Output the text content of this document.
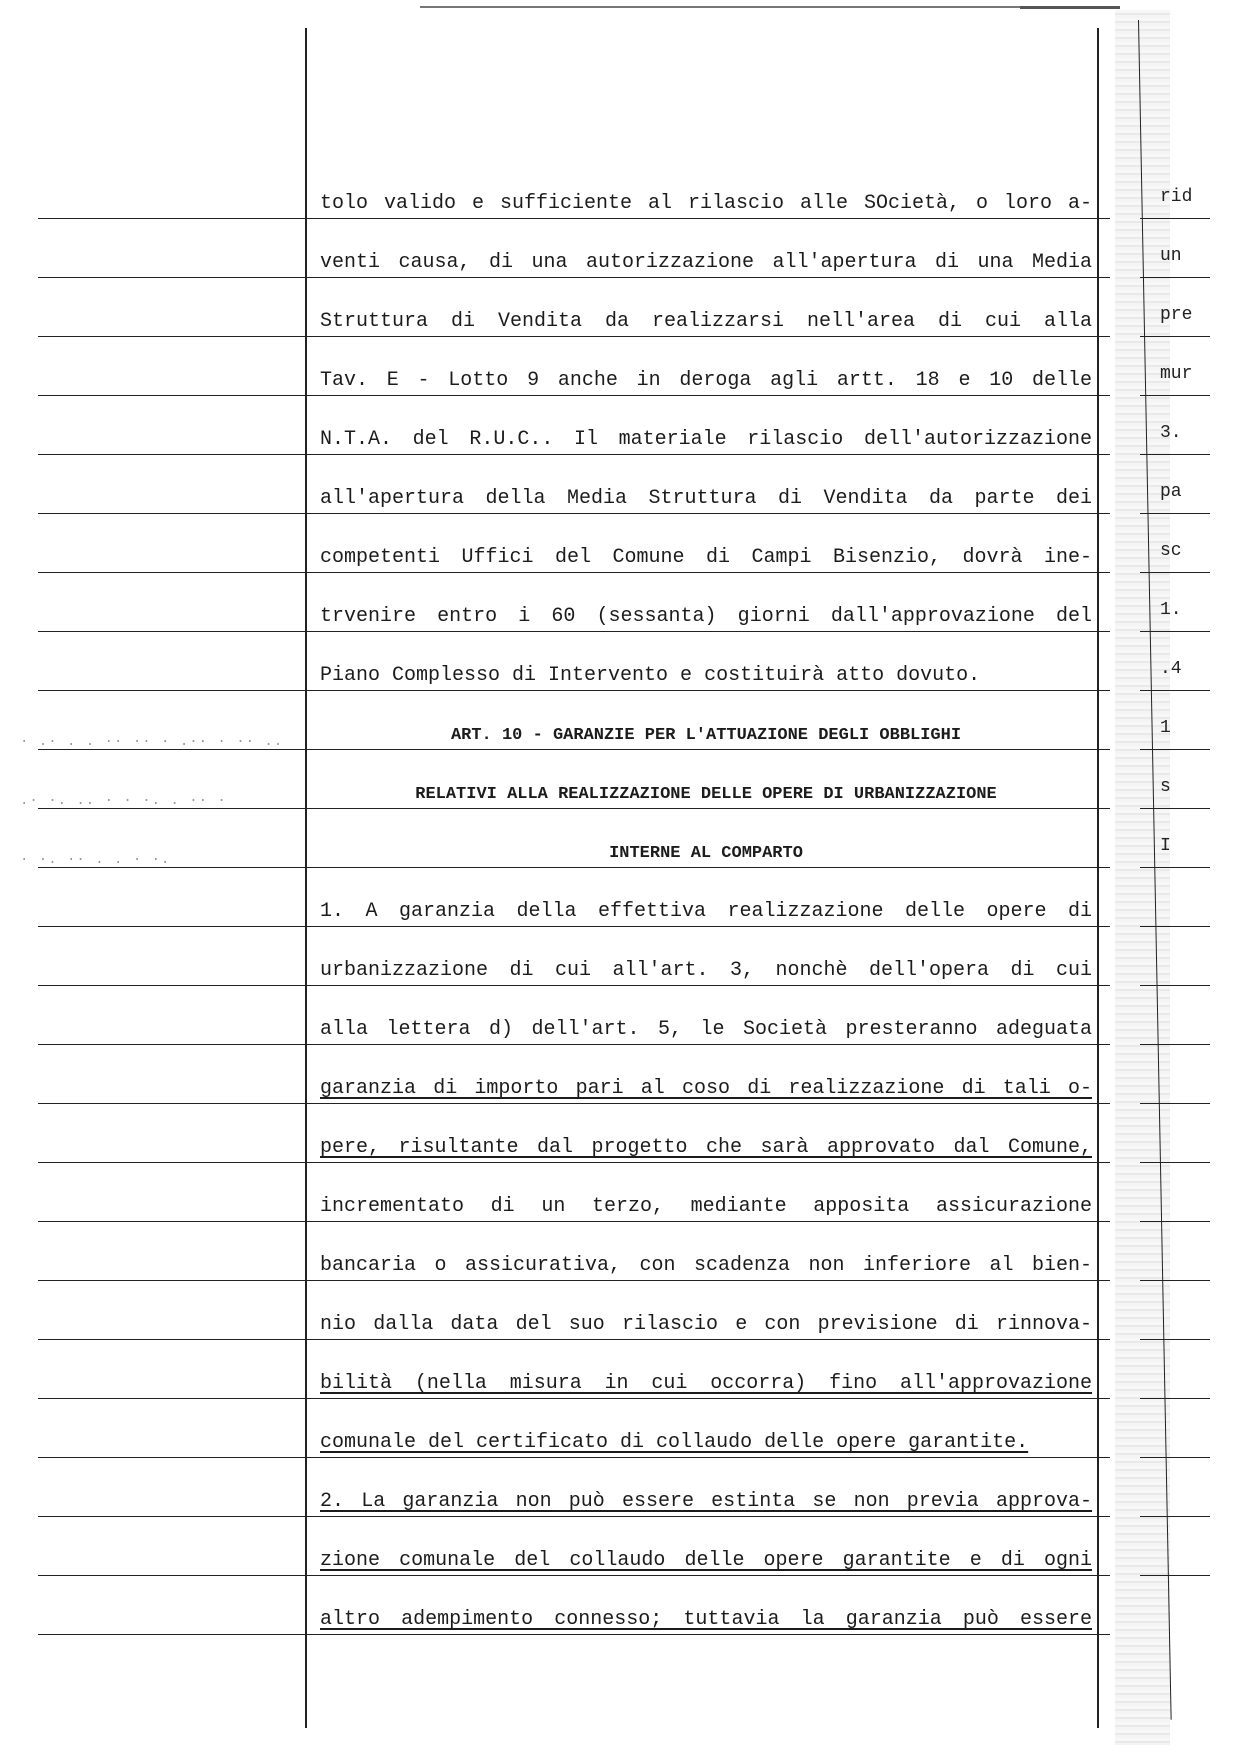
· .· . . ·· ·· · .·· · ·· ..
.· ·. .. · · ·. . ·· ·
· ·. ·· . . · ·.
tolo valido e sufficiente al rilascio alle SOcietà, o loro a-
venti causa, di una autorizzazione all'apertura di una Media
Struttura di Vendita da realizzarsi nell'area di cui alla
Tav. E - Lotto 9 anche in deroga agli artt. 18 e 10 delle
N.T.A. del R.U.C.. Il materiale rilascio dell'autorizzazione
all'apertura della Media Struttura di Vendita da parte dei
competenti Uffici del Comune di Campi Bisenzio, dovrà ine-
trvenire entro i 60 (sessanta) giorni dall'approvazione del
Piano Complesso di Intervento e costituirà atto dovuto.
ART. 10 - GARANZIE PER L'ATTUAZIONE DEGLI OBBLIGHI
RELATIVI ALLA REALIZZAZIONE DELLE OPERE DI URBANIZZAZIONE
INTERNE AL COMPARTO
1. A garanzia della effettiva realizzazione delle opere di
urbanizzazione di cui all'art. 3, nonchè dell'opera di cui
alla lettera d) dell'art. 5, le Società presteranno adeguata
garanzia di importo pari al coso di realizzazione di tali o-
pere, risultante dal progetto che sarà approvato dal Comune,
incrementato di un terzo, mediante apposita assicurazione
bancaria o assicurativa, con scadenza non inferiore al bien-
nio dalla data del suo rilascio e con previsione di rinnova-
bilità (nella misura in cui occorra) fino all'approvazione
comunale del certificato di collaudo delle opere garantite.
2. La garanzia non può essere estinta se non previa approva-
zione comunale del collaudo delle opere garantite e di ogni
altro adempimento connesso; tuttavia la garanzia può essere
rid
un
pre
mur
3.
pa
sc
1.
.4
1
s
I
